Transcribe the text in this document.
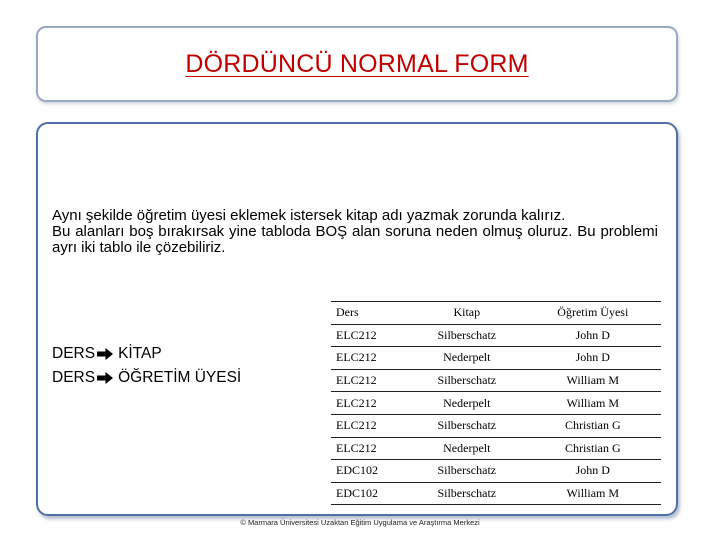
DÖRDÜNCÜ NORMAL FORM

Aynı şekilde öğretim üyesi eklemek istersek kitap adı yazmak zorunda kalırız.

Bu alanları boş bırakırsak yine tabloda BOŞ alan soruna neden olmuş oluruz. Bu problemi ayrı iki tablo ile çözebiliriz.

DERS KİTAP
DERS ÖĞRETİM ÜYESİ
Ders	Kitap	Öğretim Üyesi
ELC212	Silberschatz	John D
ELC212	Nederpelt	John D
ELC212	Silberschatz	William M
ELC212	Nederpelt	William M
ELC212	Silberschatz	Christian G
ELC212	Nederpelt	Christian G
EDC102	Silberschatz	John D
EDC102	Silberschatz	William M
© Marmara Üniversitesi Uzaktan Eğitim Uygulama ve Araştırma Merkezi
